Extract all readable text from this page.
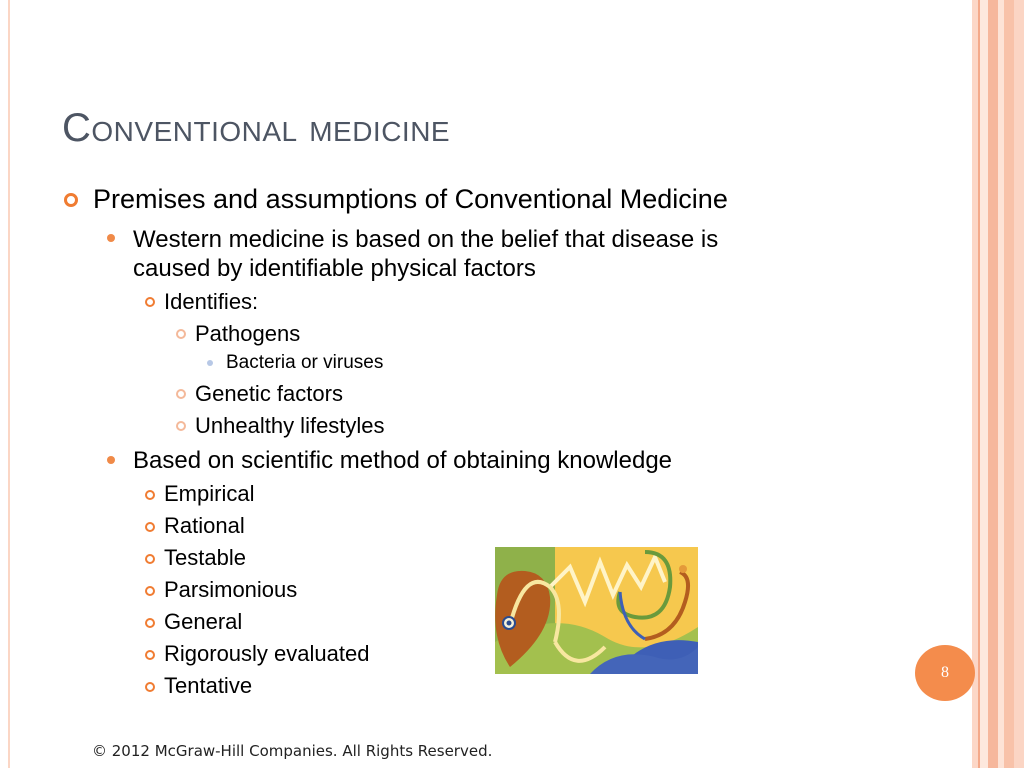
Conventional medicine
Premises and assumptions of Conventional Medicine
Western medicine is based on the belief that disease is
caused by identifiable physical factors
Identifies:
Pathogens
Bacteria or viruses
Genetic factors
Unhealthy lifestyles
Based on scientific method of obtaining knowledge
Empirical
Rational
Testable
Parsimonious
General
Rigorously evaluated
Tentative
8
© 2012 McGraw-Hill Companies. All Rights Reserved.
